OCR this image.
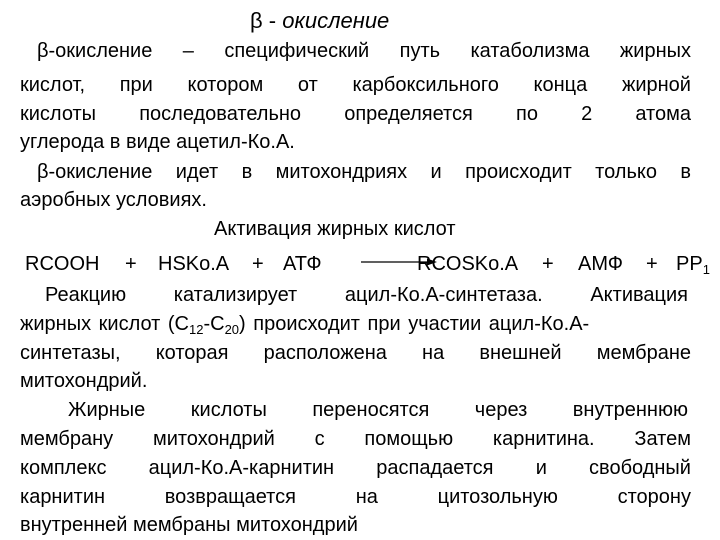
β - окисление
β-окисление – специфический путь катаболизма жирных
кислот, при котором от карбоксильного конца жирной
кислоты последовательно определяется по 2 атома
углерода в виде ацетил-Ко.А.
β-окисление идет в митохондриях и происходит только в
аэробных условиях.
Активация жирных кислот
RCOOH + HSKo.A + АТФ	RCOSKo.A + АМФ + $PP_1$
Реакцию катализирует ацил-Ко.А-синтетаза. Активация
жирных кислот $(С_{12}-С_{20})$ происходит при участии ацил-Ко.А-
синтетазы, которая расположена на внешней мембране
митохондрий.
Жирные кислоты переносятся через внутреннюю
мембрану митохондрий с помощью карнитина. Затем
комплекс ацил-Ко.А-карнитин распадается и свободный
карнитин	возвращается	на	цитозольную	сторону
внутренней мембраны митохондрий
